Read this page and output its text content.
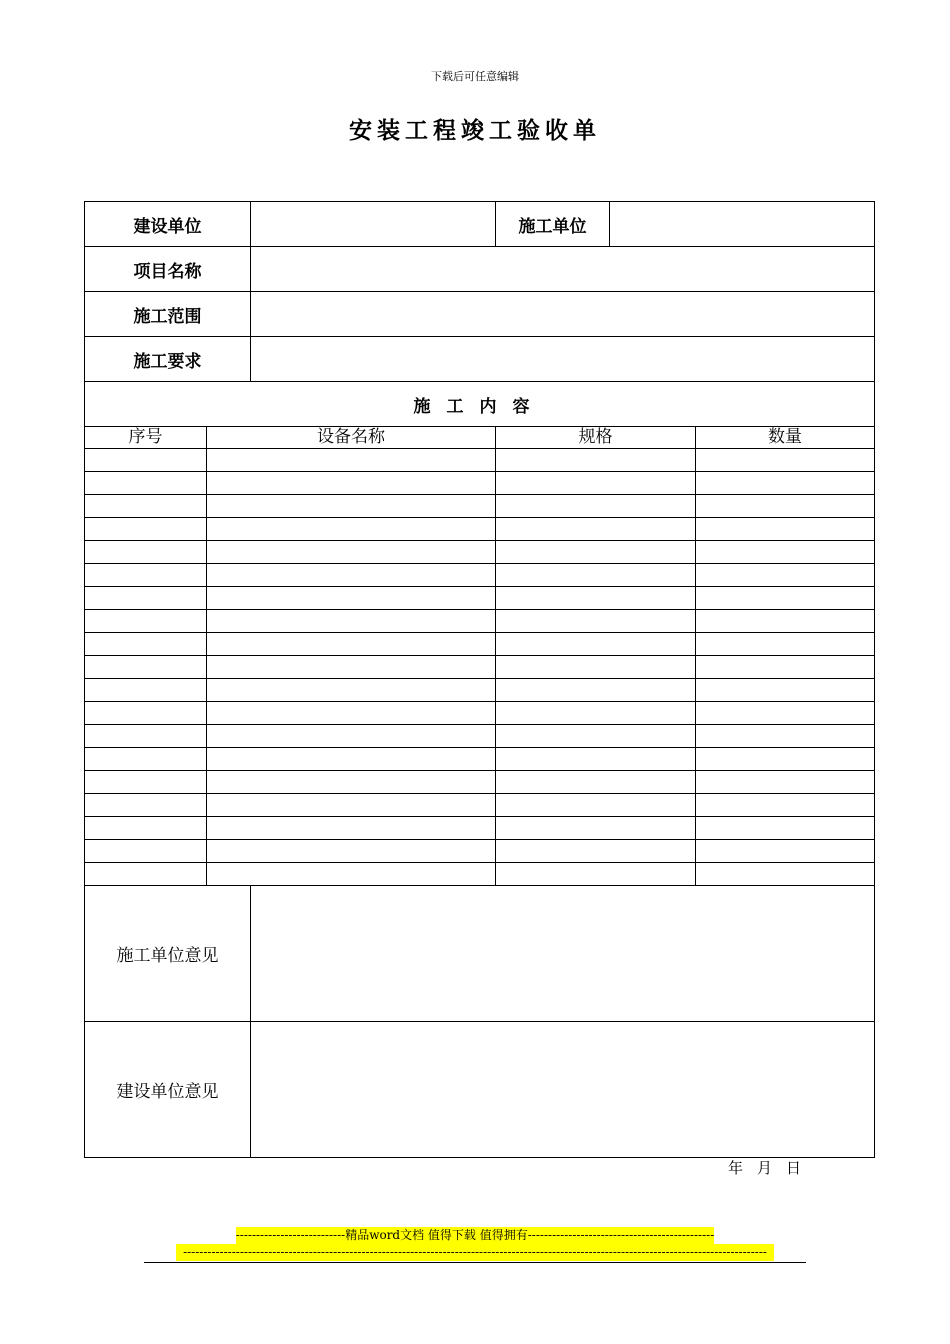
下载后可任意编辑
安装工程竣工验收单
建设单位			施工单位		
项目名称					
施工范围					
施工要求					
施工内容					
序号	设备名称		规格		数量

施工单位意见					
建设单位意见					
年 月 日
---------------------------精品word文档 值得下载 值得拥有----------------------------------------------
------------------------------------------------------------------------------------------------------------------------------------------------
